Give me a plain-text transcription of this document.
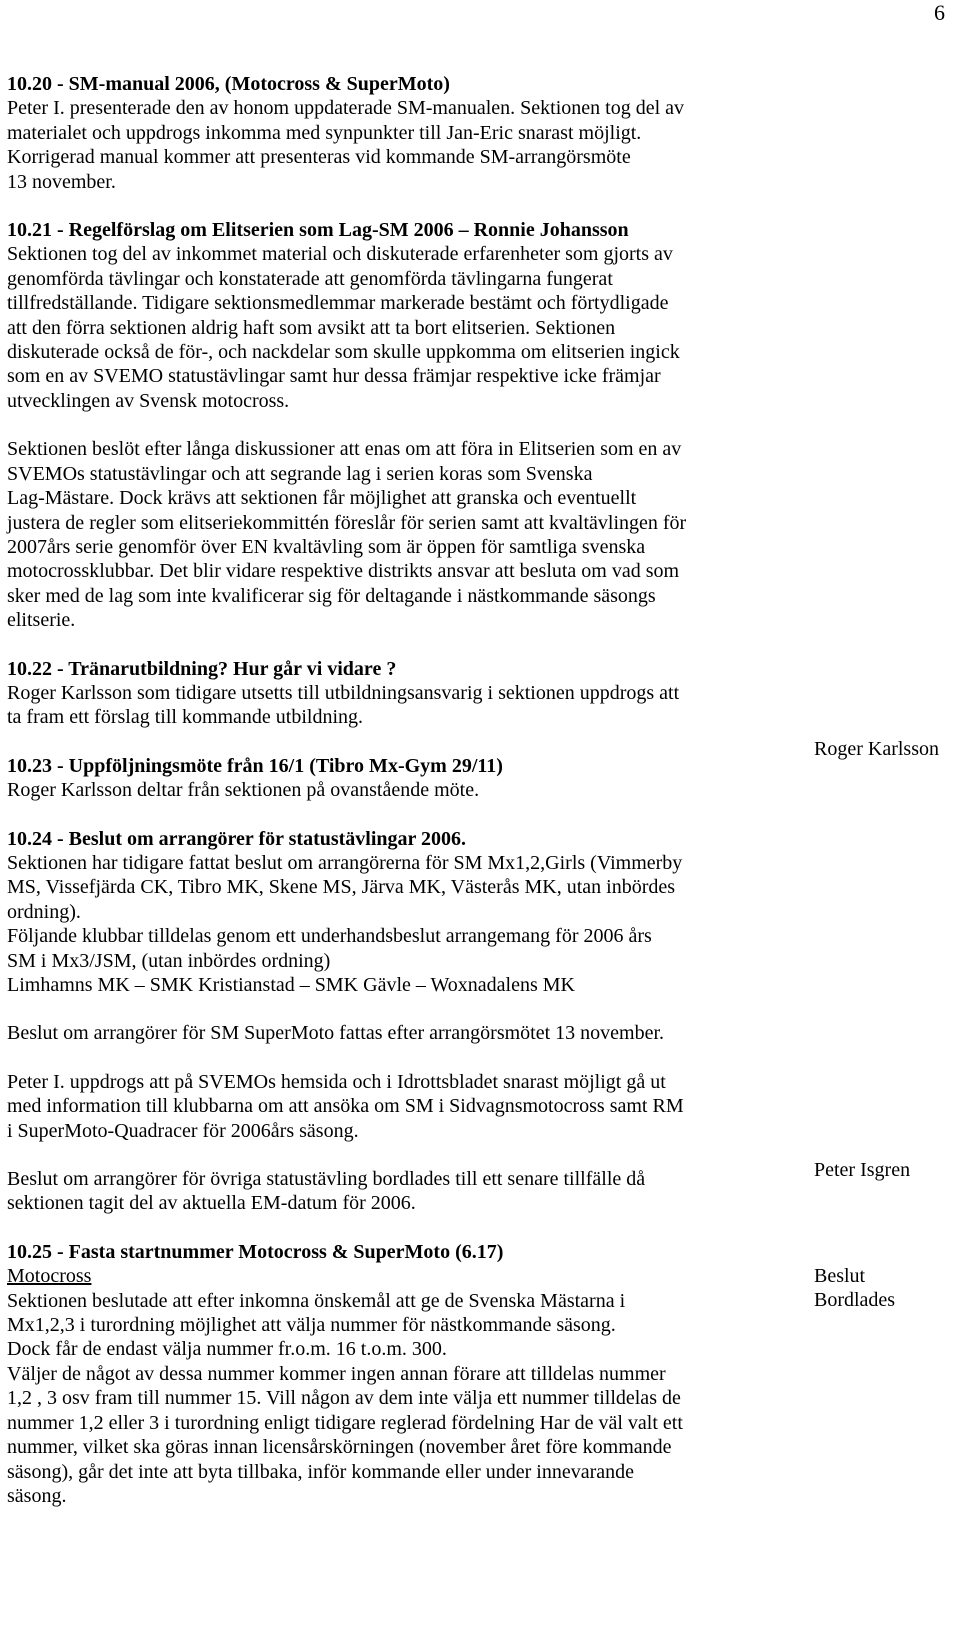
6
10.20 - SM-manual 2006, (Motocross & SuperMoto)
Peter I. presenterade den av honom uppdaterade SM-manualen. Sektionen tog del av
materialet och uppdrogs inkomma med synpunkter till Jan-Eric snarast möjligt.
Korrigerad manual kommer att presenteras vid kommande SM-arrangörsmöte
13 november.
10.21 - Regelförslag om Elitserien som Lag-SM 2006 – Ronnie Johansson
Sektionen tog del av inkommet material och diskuterade erfarenheter som gjorts av
genomförda tävlingar och konstaterade att genomförda tävlingarna fungerat
tillfredställande. Tidigare sektionsmedlemmar markerade bestämt och förtydligade
att den förra sektionen aldrig haft som avsikt att ta bort elitserien. Sektionen
diskuterade också de för-, och nackdelar som skulle uppkomma om elitserien ingick
som en av SVEMO statustävlingar samt hur dessa främjar respektive icke främjar
utvecklingen av Svensk motocross.
Sektionen beslöt efter långa diskussioner att enas om att föra in Elitserien som en av
SVEMOs statustävlingar och att segrande lag i serien koras som Svenska
Lag-Mästare. Dock krävs att sektionen får möjlighet att granska och eventuellt
justera de regler som elitseriekommittén föreslår för serien samt att kvaltävlingen för
2007års serie genomför över EN kvaltävling som är öppen för samtliga svenska
motocrossklubbar. Det blir vidare respektive distrikts ansvar att besluta om vad som
sker med de lag som inte kvalificerar sig för deltagande i nästkommande säsongs
elitserie.
10.22 - Tränarutbildning? Hur går vi vidare ?
Roger Karlsson som tidigare utsetts till utbildningsansvarig i sektionen uppdrogs att
ta fram ett förslag till kommande utbildning.
10.23 - Uppföljningsmöte från 16/1 (Tibro Mx-Gym 29/11)
Roger Karlsson deltar från sektionen på ovanstående möte.
10.24 - Beslut om arrangörer för statustävlingar 2006.
Sektionen har tidigare fattat beslut om arrangörerna för SM Mx1,2,Girls (Vimmerby
MS, Vissefjärda CK, Tibro MK, Skene MS, Järva MK, Västerås MK, utan inbördes
ordning).
Följande klubbar tilldelas genom ett underhandsbeslut arrangemang för 2006 års
SM i Mx3/JSM, (utan inbördes ordning)
Limhamns MK – SMK Kristianstad – SMK Gävle – Woxnadalens MK
Beslut om arrangörer för SM SuperMoto fattas efter arrangörsmötet 13 november.
Peter I. uppdrogs att på SVEMOs hemsida och i Idrottsbladet snarast möjligt gå ut
med information till klubbarna om att ansöka om SM i Sidvagnsmotocross samt RM
i SuperMoto-Quadracer för 2006års säsong.
Beslut om arrangörer för övriga statustävling bordlades till ett senare tillfälle då
sektionen tagit del av aktuella EM-datum för 2006.
10.25 - Fasta startnummer Motocross & SuperMoto (6.17)
Motocross
Sektionen beslutade att efter inkomna önskemål att ge de Svenska Mästarna i
Mx1,2,3 i turordning möjlighet att välja nummer för nästkommande säsong.
Dock får de endast välja nummer fr.o.m. 16 t.o.m. 300.
Väljer de något av dessa nummer kommer ingen annan förare att tilldelas nummer
1,2 , 3 osv fram till nummer 15. Vill någon av dem inte välja ett nummer tilldelas de
nummer 1,2 eller 3 i turordning enligt tidigare reglerad fördelning Har de väl valt ett
nummer, vilket ska göras innan licensårskörningen (november året före kommande
säsong), går det inte att byta tillbaka, inför kommande eller under innevarande
säsong.
Roger Karlsson
Peter Isgren
Beslut
Bordlades
